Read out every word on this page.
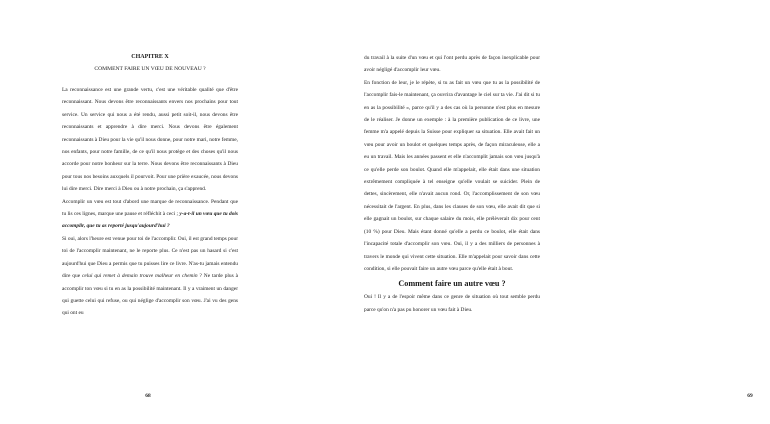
CHAPITRE X
COMMENT FAIRE UN VŒU DE NOUVEAU ?

La reconnaissance est une grande vertu, c'est une véritable qualité que d'être reconnaissant. Nous devons être reconnaissants envers nos prochains pour tout service. Un service qui nous a été rendu, aussi petit soit-il, nous devons être reconnaissants et apprendre à dire merci. Nous devons être également reconnaissants à Dieu pour la vie qu'il nous donne, pour notre mari, notre femme, nos enfants, pour notre famille, de ce qu'il nous protège et des choses qu'il nous accorde pour notre bonheur sur la terre. Nous devons être reconnaissants à Dieu pour tous nos besoins auxquels il pourvoit. Pour une prière exaucée, nous devons lui dire merci. Dire merci à Dieu ou à notre prochain, ça s'apprend.

Accomplir un vœu est tout d'abord une marque de reconnaissance. Pendant que tu lis ces lignes, marque une pause et réfléchit à ceci ; y-a-t-il un vœu que tu dois accomplir, que tu as reporté jusqu'aujourd'hui ?

Si oui, alors l'heure est venue pour toi de l'accomplir. Oui, il est grand temps pour toi de l'accomplir maintenant, ne le reporte plus. Ce n'est pas un hasard si c'est aujourd'hui que Dieu a permis que tu puisses lire ce livre. N'as-tu jamais entendu dire que celui qui remet à demain trouve malheur en chemin ? Ne tarde plus à accomplir ton vœu si tu en as la possibilité maintenant. Il y a vraiment un danger qui guette celui qui refuse, ou qui néglige d'accomplir son vœu. J'ai vu des gens qui ont eu

68	69

du travail à la suite d'un vœu et qui l'ont perdu après de façon inexplicable pour avoir négligé d'accomplir leur vœu.

En fonction de leur, je le répète, si tu as fait un vœu que tu as la possibilité de l'accomplir fais-le maintenant, ça ouvrira d'avantage le ciel sur ta vie. J'ai dit si tu en as la possibilité », parce qu'il y a des cas où la personne n'est plus en mesure de le réaliser. Je donne un exemple : à la première publication de ce livre, une femme m'a appelé depuis la Suisse pour expliquer sa situation. Elle avait fait un vœu pour avoir un boulot et quelques temps après, de façon miraculeuse, elle a eu un travail. Mais les années passent et elle n'accomplit jamais son vœu jusqu'à ce qu'elle perde son boulot. Quand elle m'appelait, elle était dans une situation extrêmement compliquée à tel enseigne qu'elle voulait se suicider. Plein de dettes, sincèrement, elle n'avait aucun rond. Or, l'accomplissement de son vœu nécessitait de l'argent. En plus, dans les clauses de son vœu, elle avait dit que si elle gagnait un boulot, sur chaque salaire du mois, elle prélèverait dix pour cent (10 %) pour Dieu. Mais étant donné qu'elle a perdu ce boulot, elle était dans l'incapacité totale d'accomplir son vœu. Oui, il y a des milliers de personnes à travers le monde qui vivent cette situation. Elle m'appelait pour savoir dans cette condition, si elle pouvait faire un autre vœu parce qu'elle était à bout.

Comment faire un autre vœu ?

Oui ! Il y a de l'espoir même dans ce genre de situation où tout semble perdu parce qu'on n'a pas pu honorer un vœu fait à Dieu.
